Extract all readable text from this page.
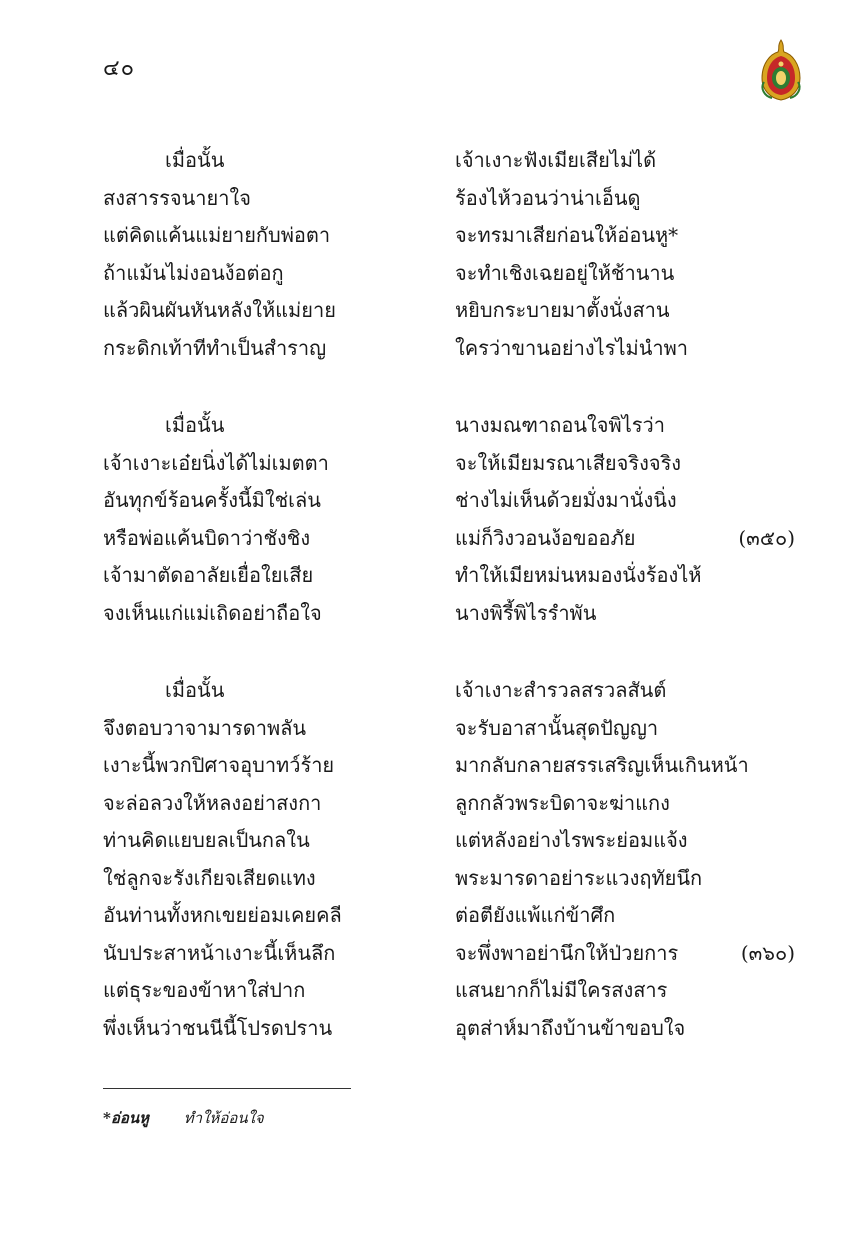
๔๐
เมื่อนั้น
สงสารรจนายาใจ
แต่คิดแค้นแม่ยายกับพ่อตา
ถ้าแม้นไม่งอนง้อต่อกู
แล้วผินผันหันหลังให้แม่ยาย
กระดิกเท้าทีทำเป็นสำราญ
เมื่อนั้น
เจ้าเงาะเอ๋ยนิ่งได้ไม่เมตตา
อันทุกข์ร้อนครั้งนี้มิใช่เล่น
หรือพ่อแค้นบิดาว่าชังชิง
เจ้ามาตัดอาลัยเยื่อใยเสีย
จงเห็นแก่แม่เถิดอย่าถือใจ
เมื่อนั้น
จึงตอบวาจามารดาพลัน
เงาะนี้พวกปิศาจอุบาทว์ร้าย
จะล่อลวงให้หลงอย่าสงกา
ท่านคิดแยบยลเป็นกลใน
ใช่ลูกจะรังเกียจเสียดแทง
อันท่านทั้งหกเขยย่อมเคยคลี
นับประสาหน้าเงาะนี้เห็นลึก
แต่ธุระของข้าหาใส่ปาก
พึ่งเห็นว่าชนนีนี้โปรดปราน
เจ้าเงาะฟังเมียเสียไม่ได้
ร้องไห้วอนว่าน่าเอ็นดู
จะทรมาเสียก่อนให้อ่อนหู*
จะทำเชิงเฉยอยู่ให้ช้านาน
หยิบกระบายมาตั้งนั่งสาน
ใครว่าขานอย่างไรไม่นำพา
นางมณฑาถอนใจพิไรว่า
จะให้เมียมรณาเสียจริงจริง
ช่างไม่เห็นด้วยมั่งมานั่งนิ่ง
แม่ก็วิงวอนง้อขออภัย	(๓๕๐)
ทำให้เมียหม่นหมองนั่งร้องไห้
นางพิรี้พิไรรำพัน
เจ้าเงาะสำรวลสรวลสันต์
จะรับอาสานั้นสุดปัญญา
มากลับกลายสรรเสริญเห็นเกินหน้า
ลูกกลัวพระบิดาจะฆ่าแกง
แต่หลังอย่างไรพระย่อมแจ้ง
พระมารดาอย่าระแวงฤทัยนึก
ต่อตียังแพ้แก่ข้าศึก
จะพึ่งพาอย่านึกให้ป่วยการ	(๓๖๐)
แสนยากก็ไม่มีใครสงสาร
อุตส่าห์มาถึงบ้านข้าขอบใจ
*อ่อนหู ทำให้อ่อนใจ
